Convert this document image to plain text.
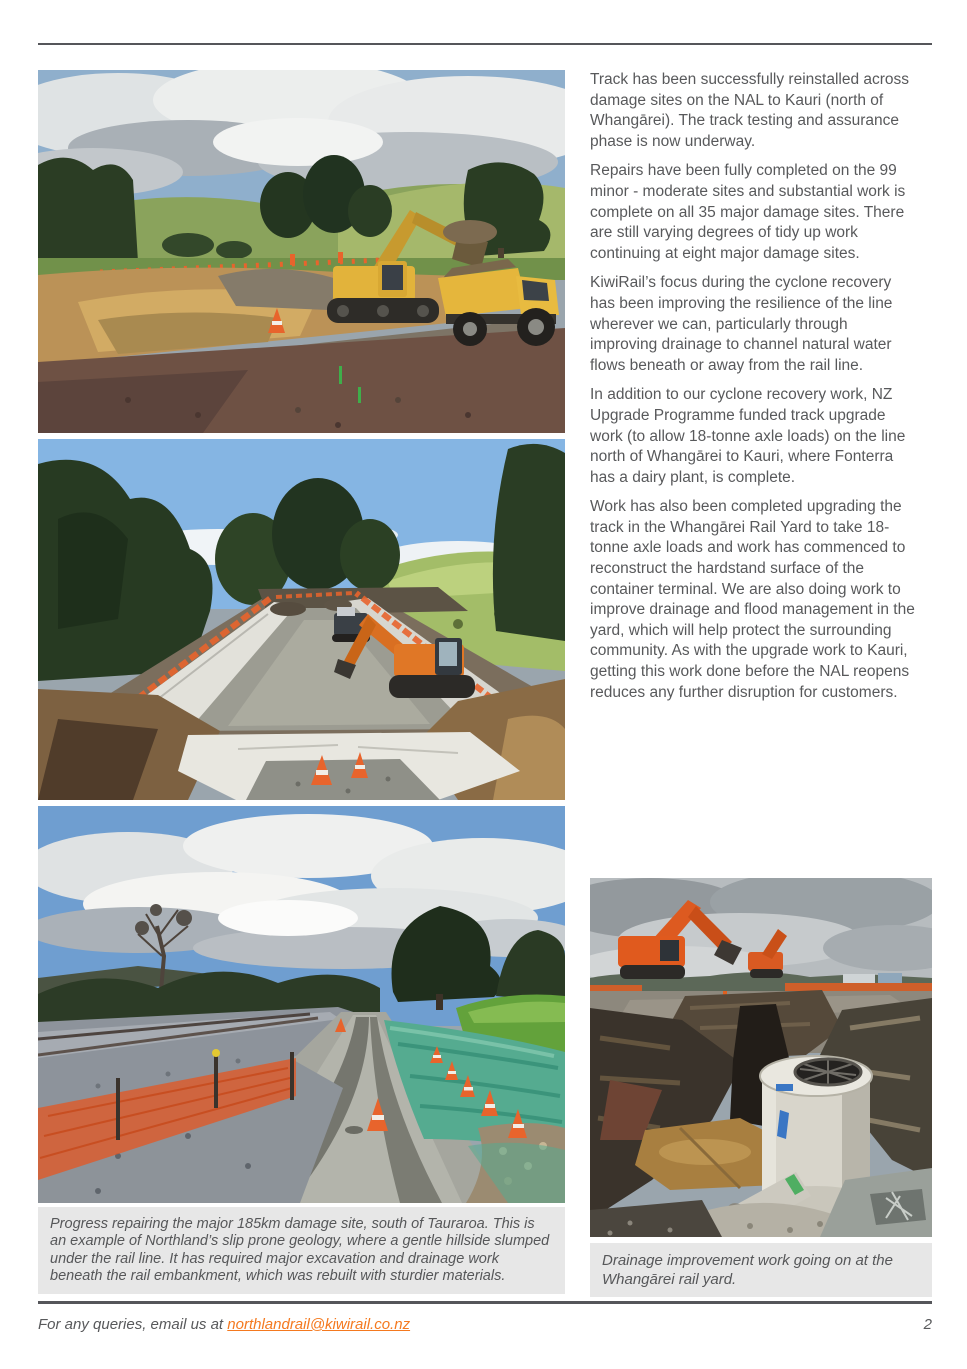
Progress repairing the major 185km damage site, south of Tauraroa. This is an example of Northland’s slip prone geology, where a gentle hillside slumped under the rail line. It has required major excavation and drainage work beneath the rail embankment, which was rebuilt with sturdier materials.

Track has been successfully reinstalled across damage sites on the NAL to Kauri (north of Whangārei). The track testing and assurance phase is now underway.

Repairs have been fully completed on the 99 minor - moderate sites and substantial work is complete on all 35 major damage sites. There are still varying degrees of tidy up work continuing at eight major damage sites.

KiwiRail’s focus during the cyclone recovery has been improving the resilience of the line wherever we can, particularly through improving drainage to channel natural water flows beneath or away from the rail line.

In addition to our cyclone recovery work, NZ Upgrade Programme funded track upgrade work (to allow 18-tonne axle loads) on the line north of Whangārei to Kauri, where Fonterra has a dairy plant, is complete.

Work has also been completed upgrading the track in the Whangārei Rail Yard to take 18-tonne axle loads and work has commenced to reconstruct the hardstand surface of the container terminal. We are also doing work to improve drainage and flood management in the yard, which will help protect the surrounding community. As with the upgrade work to Kauri, getting this work done before the NAL reopens reduces any further disruption for customers.

Drainage improvement work going on at the Whangārei rail yard.
For any queries, email us at northlandrail@kiwirail.co.nz	2
